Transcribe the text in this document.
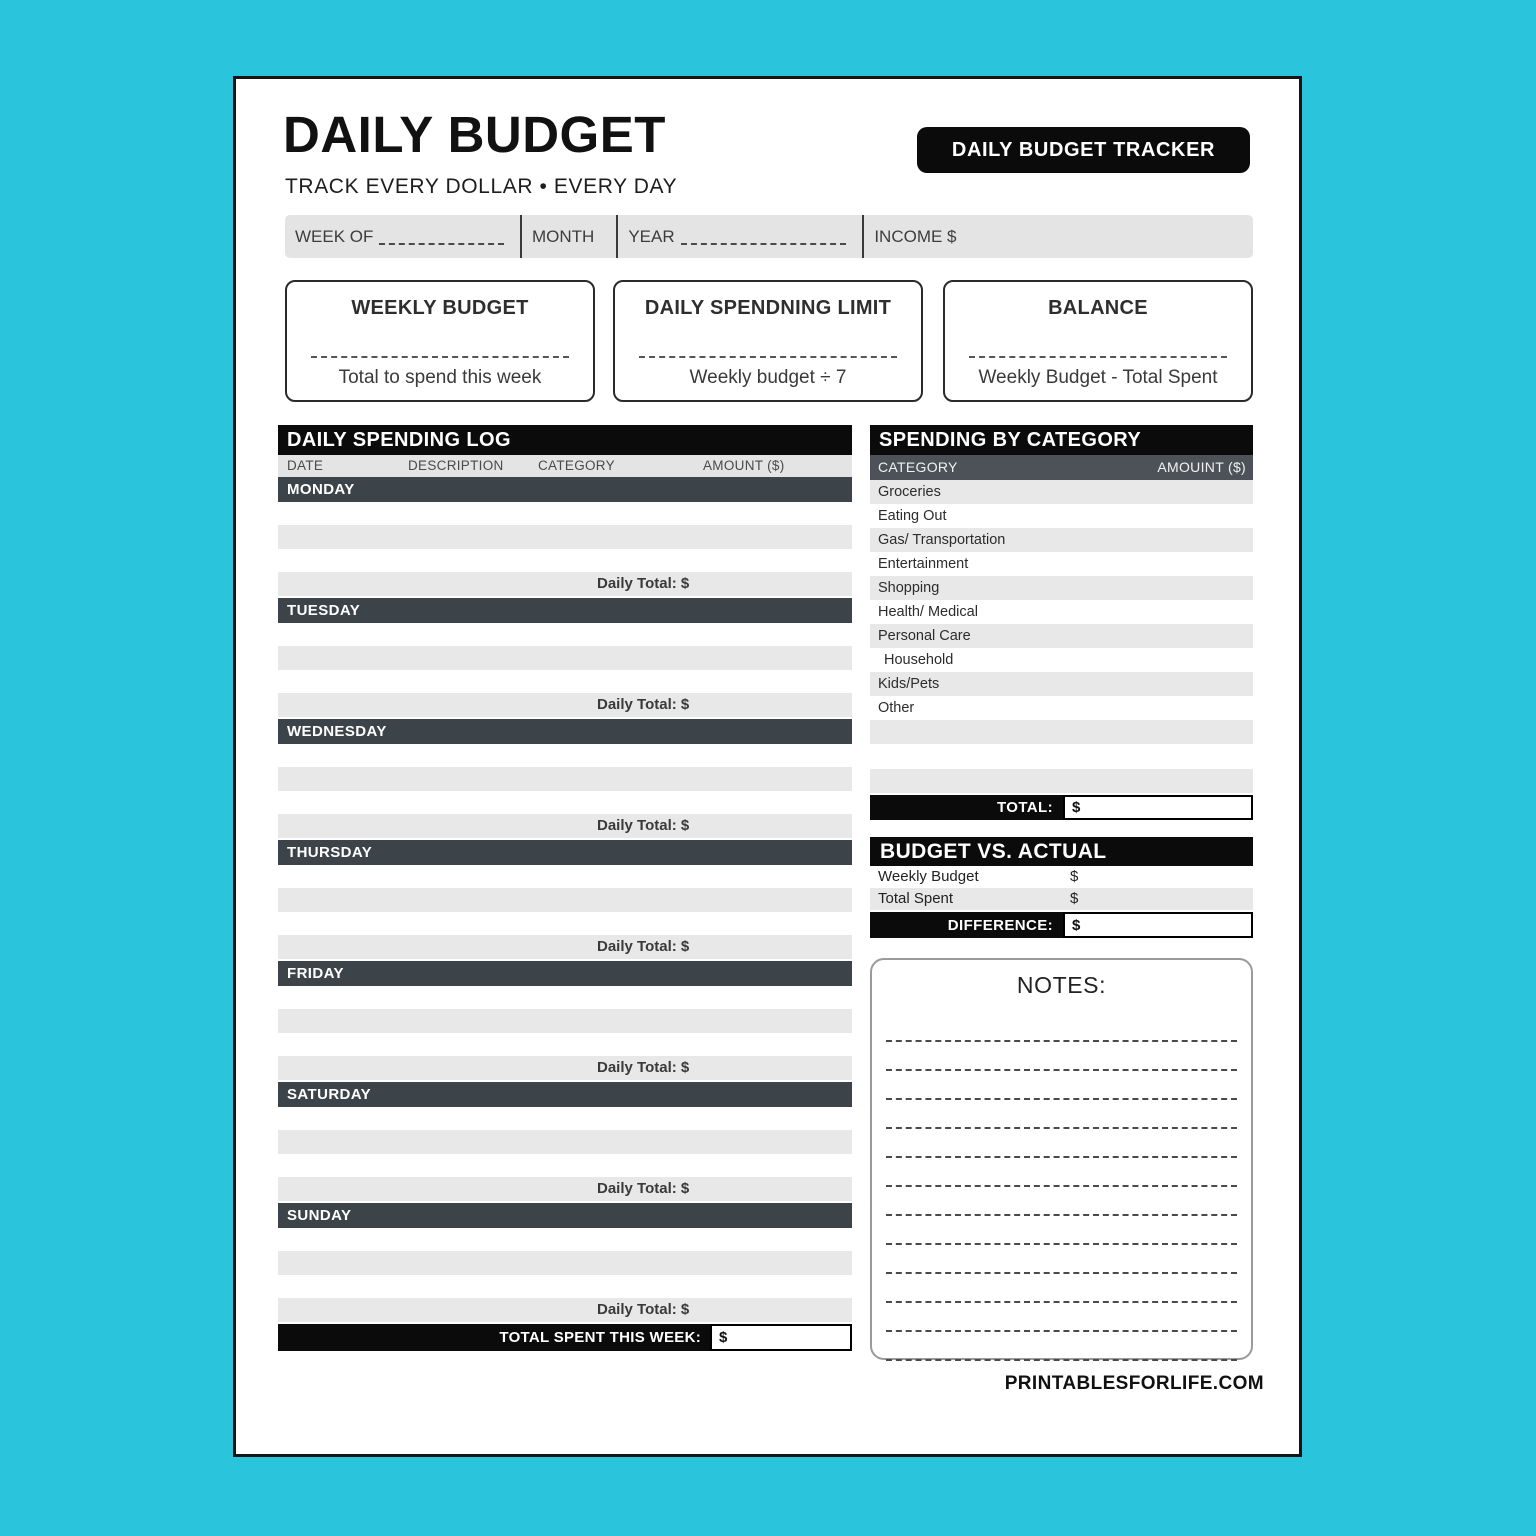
DAILY BUDGET

TRACK EVERY DOLLAR • EVERY DAY

DAILY BUDGET TRACKER
WEEK OF	MONTH YEAR	INCOME $
WEEKLY BUDGET
Total to spend this week
DAILY SPENDNING LIMIT
Weekly budget ÷ 7
BALANCE
Weekly Budget - Total Spent
DAILY SPENDING LOG
DATE	DESCRIPTION	CATEGORY	AMOUNT ($)
MONDAY
Daily Total: $
TUESDAY
Daily Total: $
WEDNESDAY
Daily Total: $
THURSDAY
Daily Total: $
FRIDAY
Daily Total: $
SATURDAY
Daily Total: $
SUNDAY
Daily Total: $
TOTAL SPENT THIS WEEK:	$
SPENDING BY CATEGORY
CATEGORY	AMOUINT ($)
Groceries
Eating Out
Gas/ Transportation
Entertainment
Shopping
Health/ Medical
Personal Care
Household
Kids/Pets
Other
TOTAL:	$
BUDGET VS. ACTUAL
Weekly Budget	$
Total Spent	$
DIFFERENCE:	$
NOTES:
PRINTABLESFORLIFE.COM
